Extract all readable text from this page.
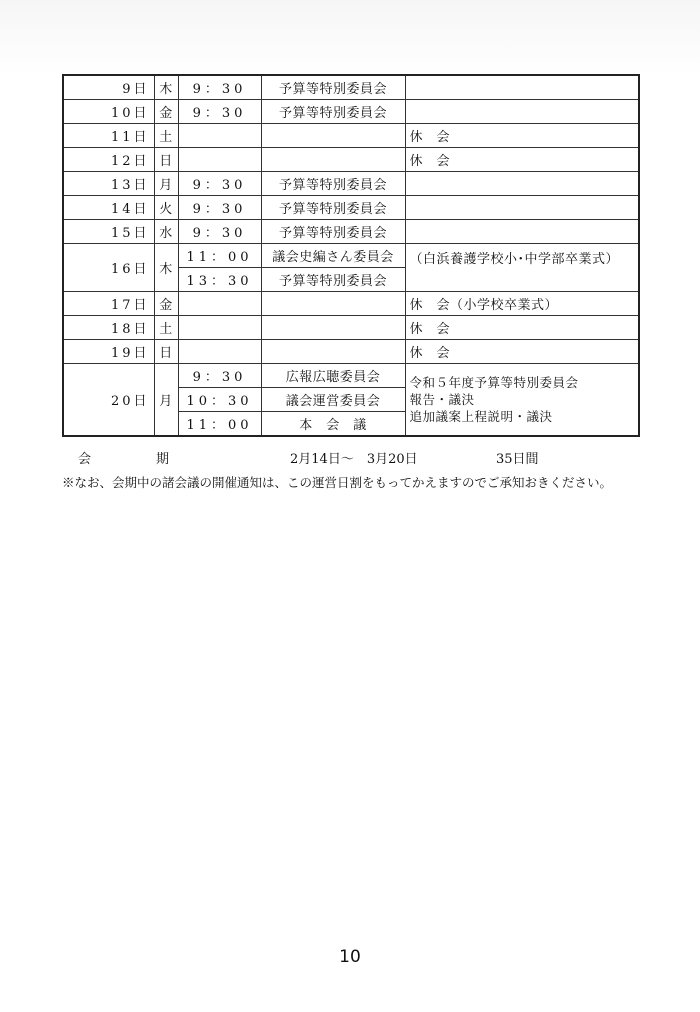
9日	木	9：30	予算等特別委員会	
10日	金	9：30	予算等特別委員会	
11日	土			休　会
12日	日			休　会
13日	月	9：30	予算等特別委員会	
14日	火	9：30	予算等特別委員会	
15日	水	9：30	予算等特別委員会	
16日	木	11：00	議会史編さん委員会	（白浜養護学校小･中学部卒業式）
		13：30	予算等特別委員会	
17日	金			休　会（小学校卒業式）
18日	土			休　会
19日	日			休　会
20日	月	9：30	広報広聴委員会	令和５年度予算等特別委員会
報告・議決
追加議案上程説明・議決
		10：30	議会運営委員会	
		11：00	本　会　議	
会　　　　　期	2月14日～　3月20日	35日間
※なお、会期中の諸会議の開催通知は、この運営日割をもってかえますのでご承知おきください。
10
